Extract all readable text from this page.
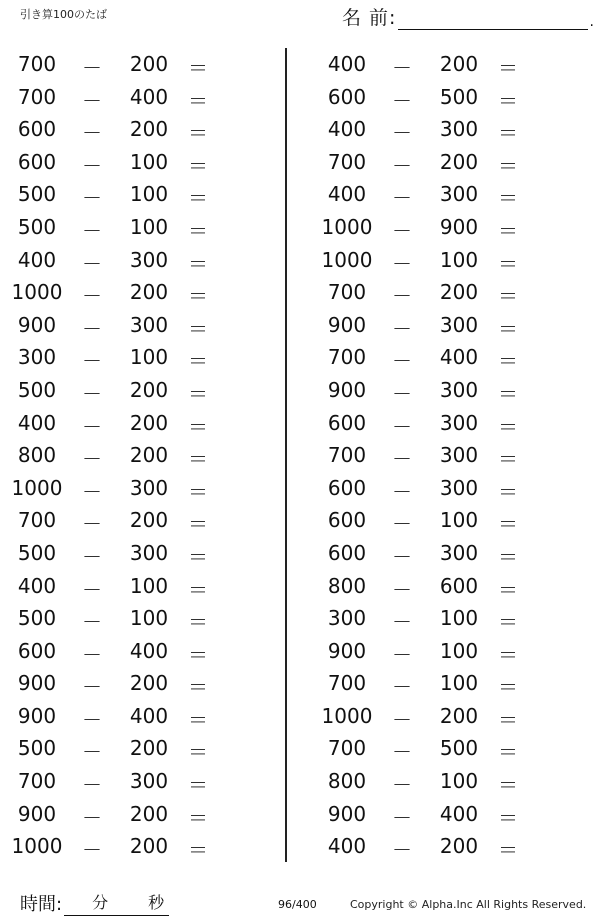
引き算100のたば	名 前:	.
700	－	200 ＝
700	－	400 ＝
600	－	200 ＝
600	－	100 ＝
500	－	100 ＝
500	－	100 ＝
400	－	300 ＝
1000 －	200 ＝
900	－	300 ＝
300	－	100 ＝
500	－	200 ＝
400	－	200 ＝
800	－	200 ＝
1000 －	300 ＝
700	－	200 ＝
500	－	300 ＝
400	－	100 ＝
500	－	100 ＝
600	－	400 ＝
900	－	200 ＝
900	－	400 ＝
500	－	200 ＝
700	－	300 ＝
900	－	200 ＝
1000 －	200 ＝
400	－	200 ＝
600	－	500 ＝
400	－	300 ＝
700	－	200 ＝
400	－	300 ＝
1000 －	900 ＝
1000 －	100 ＝
700	－	200 ＝
900	－	300 ＝
700	－	400 ＝
900	－	300 ＝
600	－	300 ＝
700	－	300 ＝
600	－	300 ＝
600	－	100 ＝
600	－	300 ＝
800	－	600 ＝
300	－	100 ＝
900	－	100 ＝
700	－	100 ＝
1000 －	200 ＝
700	－	500 ＝
800	－	100 ＝
900	－	400 ＝
400	－	200 ＝
時間: 分 秒	96/400	Copyright © Alpha.Inc All Rights Reserved.
